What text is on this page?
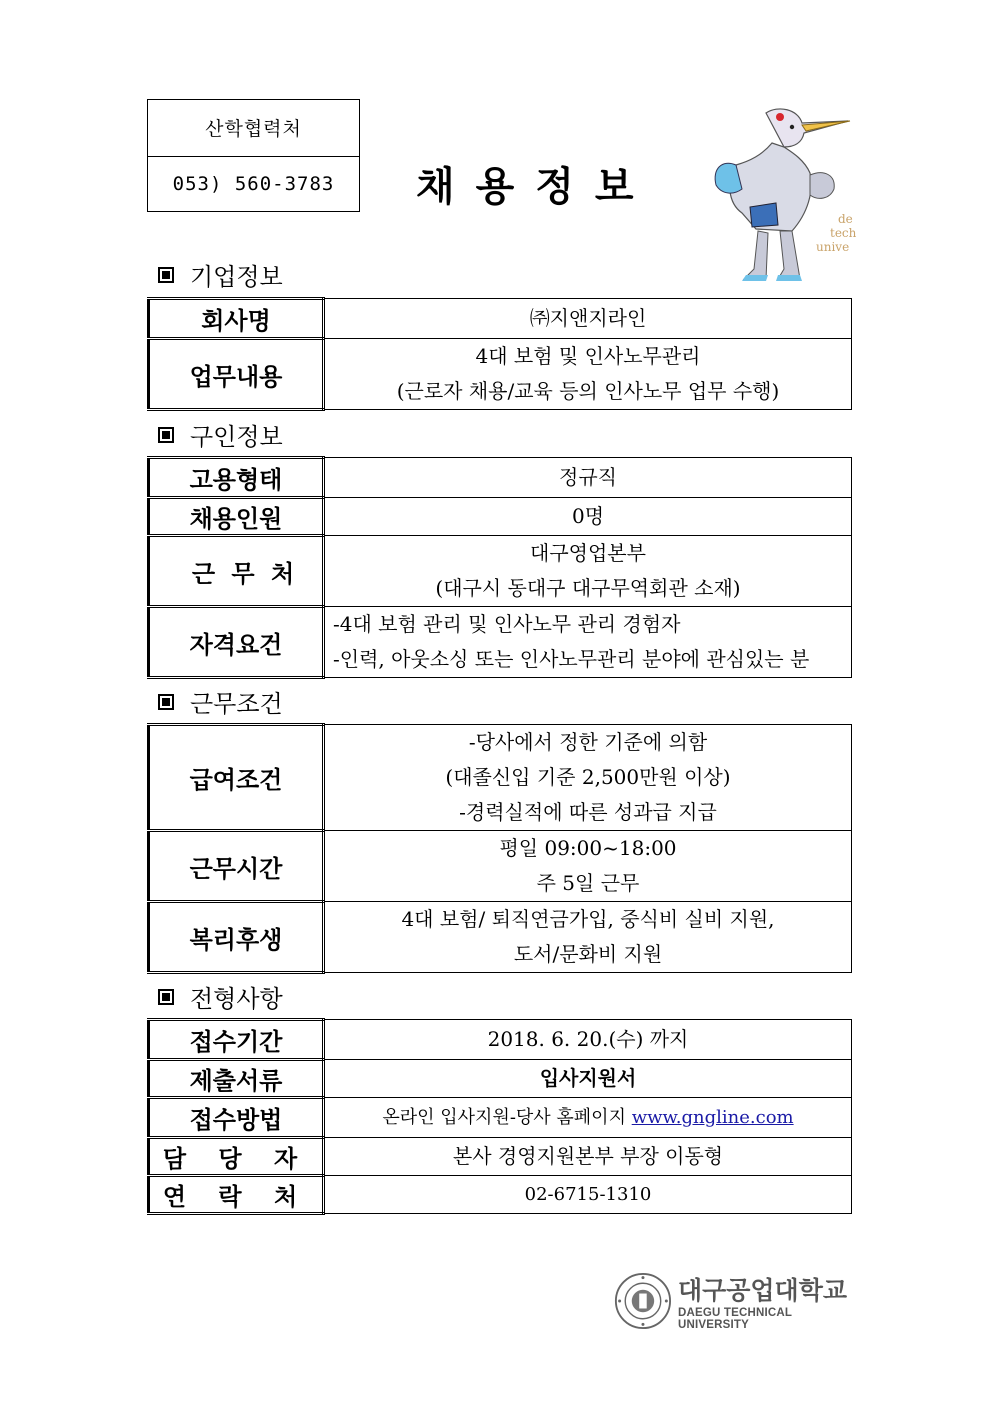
산학협력처
053) 560-3783	채용정보
de
tech
unive
기업정보
회사명	㈜지앤지라인
업무내용	4대 보험 및 인사노무관리
(근로자 채용/교육 등의 인사노무 업무 수행)
구인정보
고용형태	정규직
채용인원	0명
근 무 처	대구영업본부
(대구시 동대구 대구무역회관 소재)

자격요건	-4대 보험 관리 및 인사노무 관리 경험자
-인력, 아웃소싱 또는 인사노무관리 분야에 관심있는 분
근무조건
급여조건	-당사에서 정한 기준에 의함
(대졸신입 기준 2,500만원 이상)
-경력실적에 따른 성과급 지급

근무시간	평일 09:00~18:00
주 5일 근무

복리후생	4대 보험/ 퇴직연금가입, 중식비 실비 지원,
도서/문화비 지원
전형사항
접수기간	2018. 6. 20.(수) 까지
제출서류	입사지원서
접수방법	온라인 입사지원-당사 홈페이지 www.gngline.com
담 당 자	본사 경영지원본부 부장 이동형
연 락 처	02-6715-1310
대구공업대학교
DAEGU TECHNICAL UNIVERSITY
